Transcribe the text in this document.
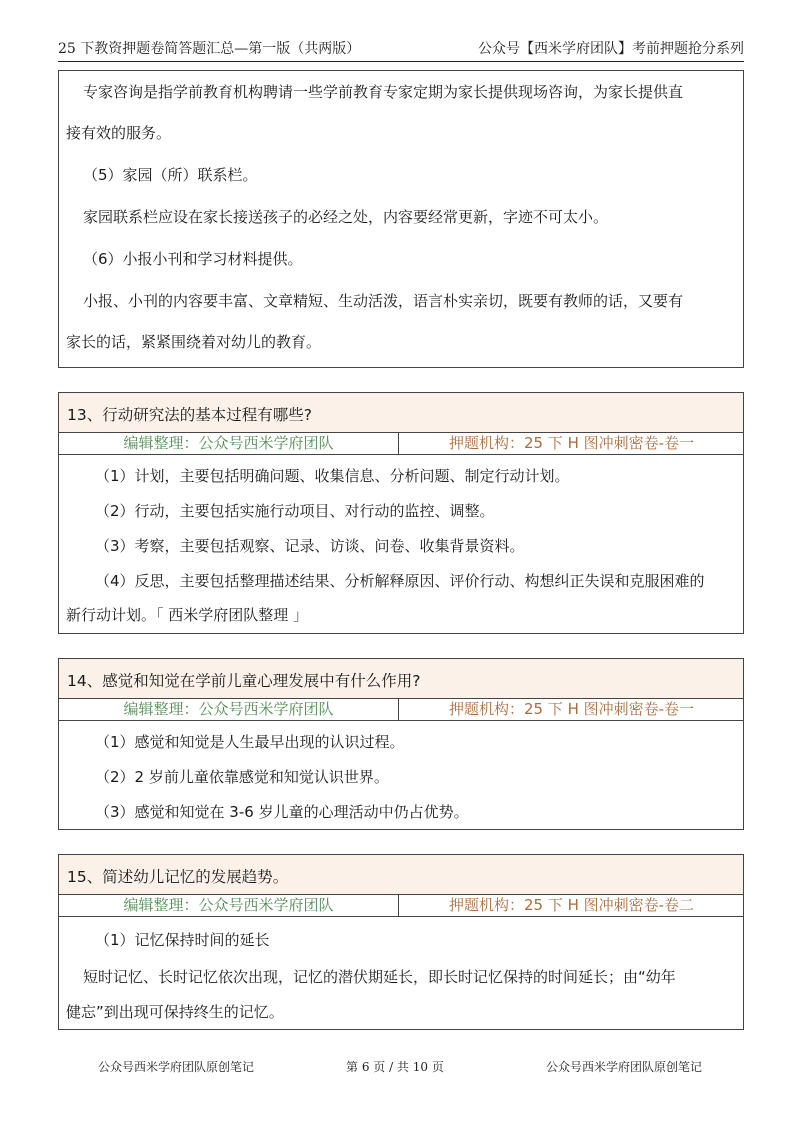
25 下教资押题卷简答题汇总—第一版（共两版）	公众号【西米学府团队】考前押题抢分系列
专家咨询是指学前教育机构聘请一些学前教育专家定期为家长提供现场咨询，为家长提供直
接有效的服务。
（5）家园（所）联系栏。
家园联系栏应设在家长接送孩子的必经之处，内容要经常更新，字迹不可太小。
（6）小报小刊和学习材料提供。
小报、小刊的内容要丰富、文章精短、生动活泼，语言朴实亲切，既要有教师的话，又要有
家长的话，紧紧围绕着对幼儿的教育。
13、行动研究法的基本过程有哪些?
编辑整理：公众号西米学府团队	押题机构：25 下 H 图冲刺密卷-卷一
（1）计划，主要包括明确问题、收集信息、分析问题、制定行动计划。
（2）行动，主要包括实施行动项目、对行动的监控、调整。
（3）考察，主要包括观察、记录、访谈、问卷、收集背景资料。
（4）反思，主要包括整理描述结果、分析解释原因、评价行动、构想纠正失误和克服困难的
新行动计划。「 西米学府团队整理 」
14、感觉和知觉在学前儿童心理发展中有什么作用?
编辑整理：公众号西米学府团队	押题机构：25 下 H 图冲刺密卷-卷一
（1）感觉和知觉是人生最早出现的认识过程。
（2）2 岁前儿童依靠感觉和知觉认识世界。
（3）感觉和知觉在 3-6 岁儿童的心理活动中仍占优势。
15、简述幼儿记忆的发展趋势。
编辑整理：公众号西米学府团队	押题机构：25 下 H 图冲刺密卷-卷二
（1）记忆保持时间的延长
短时记忆、长时记忆依次出现，记忆的潜伏期延长，即长时记忆保持的时间延长；由“幼年
健忘”到出现可保持终生的记忆。
公众号西米学府团队原创笔记	第 6 页 / 共 10 页	公众号西米学府团队原创笔记
